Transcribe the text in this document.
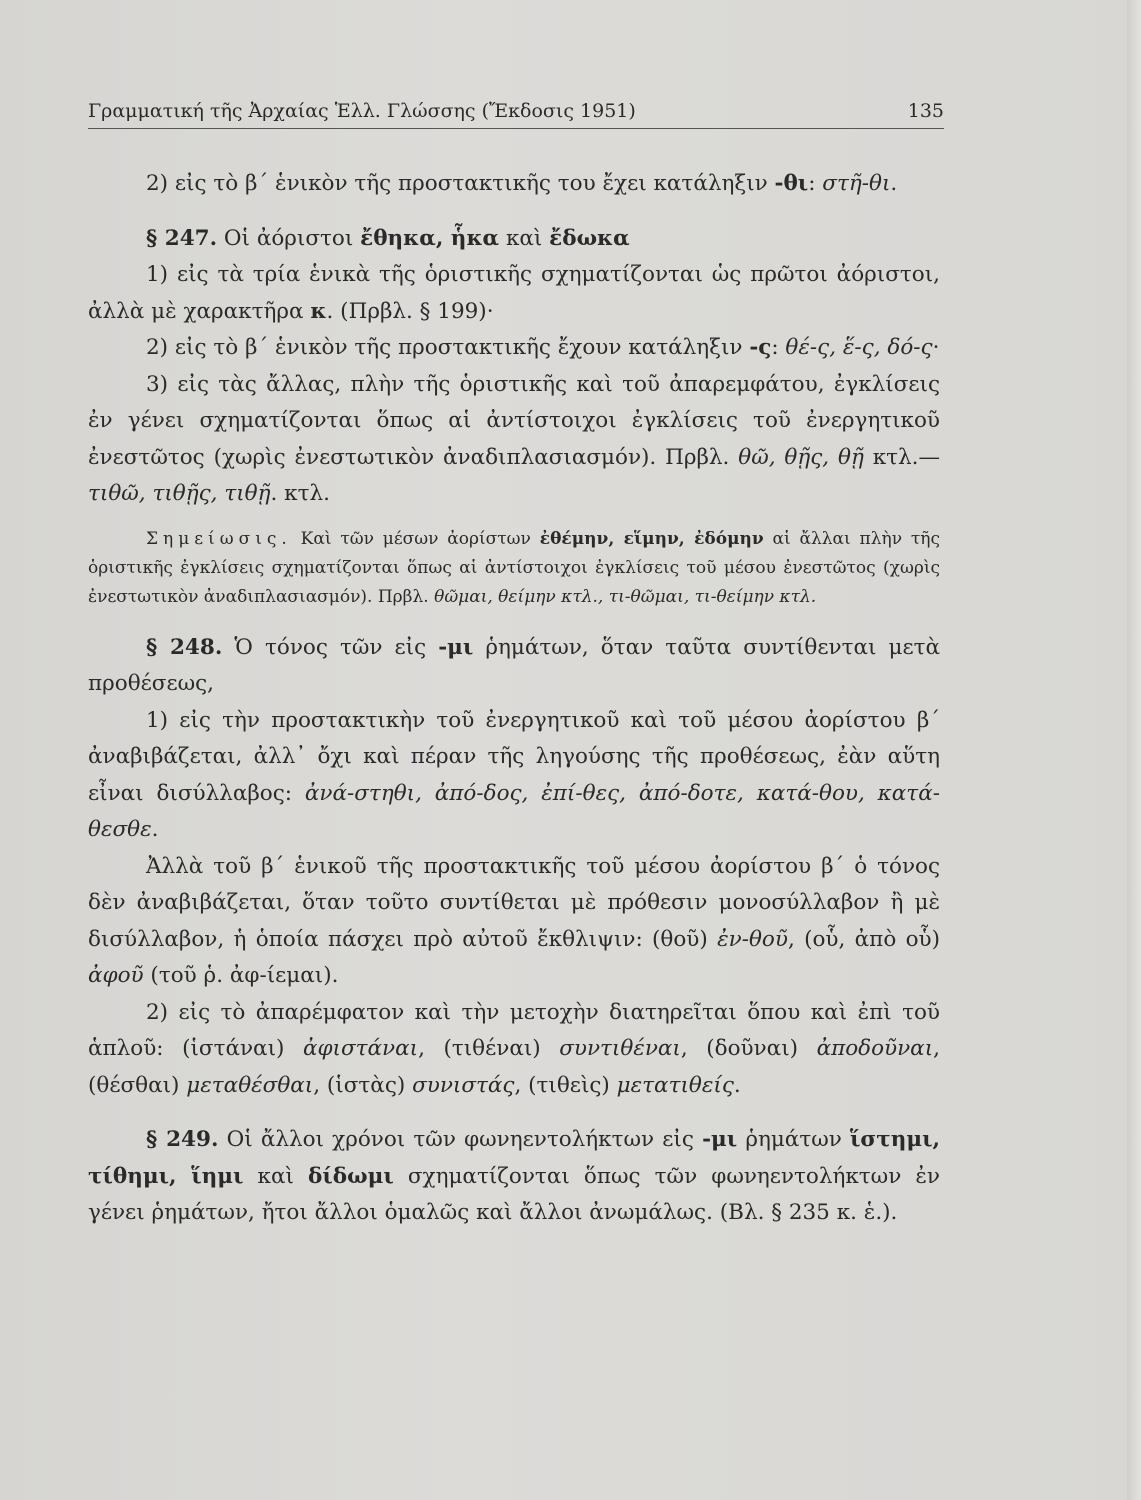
Γραμματική τῆς Ἀρχαίας Ἑλλ. Γλώσσης (Ἔκδοσις 1951)	135

2) εἰς τὸ β΄ ἑνικὸν τῆς προστακτικῆς του ἔχει κατάληξιν -θι: στῆ-θι.

§ 247. Οἱ ἀόριστοι ἔθηκα, ἧκα καὶ ἔδωκα

1) εἰς τὰ τρία ἑνικὰ τῆς ὁριστικῆς σχηματίζονται ὡς πρῶτοι ἀόριστοι, ἀλλὰ μὲ χαρακτῆρα κ. (Πρβλ. § 199)·

2) εἰς τὸ β΄ ἑνικὸν τῆς προστακτικῆς ἔχουν κατάληξιν -ς: θέ-ς, ἕ-ς, δό-ς·

3) εἰς τὰς ἄλλας, πλὴν τῆς ὁριστικῆς καὶ τοῦ ἀπαρεμφάτου, ἐγκλίσεις ἐν γένει σχηματίζονται ὅπως αἱ ἀντίστοιχοι ἐγκλίσεις τοῦ ἐνεργητικοῦ ἐνεστῶτος (χωρὶς ἐνεστωτικὸν ἀναδιπλασιασμόν). Πρβλ. θῶ, θῇς, θῇ κτλ.—τιθῶ, τιθῇς, τιθῇ. κτλ.

Σημείωσις. Καὶ τῶν μέσων ἀορίστων ἐθέμην, εἵμην, ἐδόμην αἱ ἄλλαι πλὴν τῆς ὁριστικῆς ἐγκλίσεις σχηματίζονται ὅπως αἱ ἀντίστοιχοι ἐγκλίσεις τοῦ μέσου ἐνεστῶτος (χωρὶς ἐνεστωτικὸν ἀναδιπλασιασμόν). Πρβλ. θῶμαι, θείμην κτλ., τι-θῶμαι, τι-θείμην κτλ.

§ 248. Ὁ τόνος τῶν εἰς -μι ῥημάτων, ὅταν ταῦτα συντίθενται μετὰ προθέσεως,

1) εἰς τὴν προστακτικὴν τοῦ ἐνεργητικοῦ καὶ τοῦ μέσου ἀορίστου β΄ ἀναβιβάζεται, ἀλλ᾽ ὄχι καὶ πέραν τῆς ληγούσης τῆς προθέσεως, ἐὰν αὕτη εἶναι δισύλλαβος: ἀνά-στηθι, ἀπό-δος, ἐπί-θες, ἀπό-δοτε, κατά-θου, κατά-θεσθε.

Ἀλλὰ τοῦ β΄ ἑνικοῦ τῆς προστακτικῆς τοῦ μέσου ἀορίστου β΄ ὁ τόνος δὲν ἀναβιβάζεται, ὅταν τοῦτο συντίθεται μὲ πρόθεσιν μονοσύλλαβον ἢ μὲ δισύλλαβον, ἡ ὁποία πάσχει πρὸ αὐτοῦ ἔκθλιψιν: (θοῦ) ἐν-θοῦ, (οὗ, ἀπὸ οὗ) ἀφοῦ (τοῦ ῥ. ἀφ-ίεμαι).

2) εἰς τὸ ἀπαρέμφατον καὶ τὴν μετοχὴν διατηρεῖται ὅπου καὶ ἐπὶ τοῦ ἁπλοῦ: (ἱστάναι) ἀφιστάναι, (τιθέναι) συντιθέναι, (δοῦναι) ἀποδοῦναι, (θέσθαι) μεταθέσθαι, (ἱστὰς) συνιστάς, (τιθεὶς) μετατιθείς.

§ 249. Οἱ ἄλλοι χρόνοι τῶν φωνηεντολήκτων εἰς -μι ῥημάτων ἵστημι, τίθημι, ἵημι καὶ δίδωμι σχηματίζονται ὅπως τῶν φωνηεντολήκτων ἐν γένει ῥημάτων, ἤτοι ἄλλοι ὁμαλῶς καὶ ἄλλοι ἀνωμάλως. (Βλ. § 235 κ. ἑ.).
